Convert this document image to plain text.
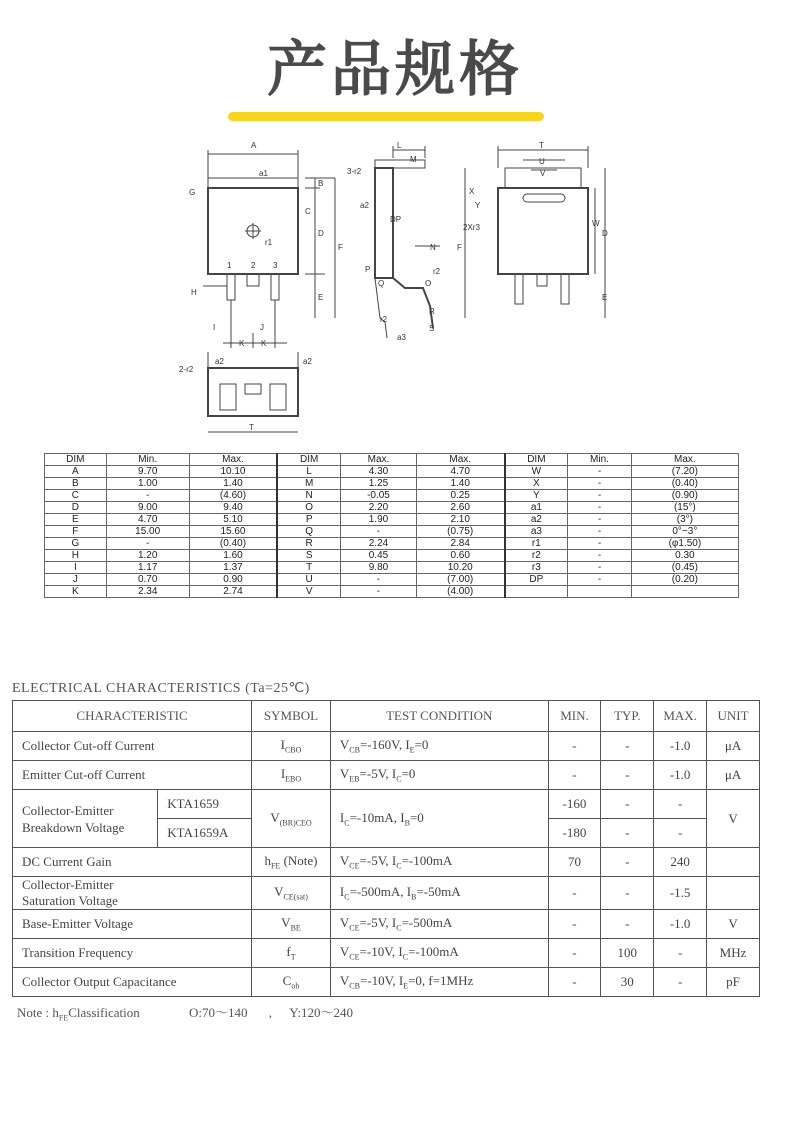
产品规格
A
a1
G
B
C
D
r1
F
1 2 3
H
E
I	J
K K
L
M
3-r2
a2
DP
N
P
Q	O
r2
r2
R
S
a3
T
U
V
X
Y
W
D
2Xr3
F
E
2-r2
a2	a2
T
DIM	Min.	Max.	DIM	Max.	Max.	DIM	Min.	Max.
A	9.70	10.10	L	4.30	4.70	W	-	(7.20)
B	1.00	1.40	M	1.25	1.40	X	-	(0.40)
C	-	(4.60)	N	-0.05	0.25	Y	-	(0.90)
D	9.00	9.40	O	2.20	2.60	a1	-	(15°)
E	4.70	5.10	P	1.90	2.10	a2	-	(3°)
F	15.00	15.60	Q	-	(0.75)	a3	-	0°~3°
G	-	(0.40)	R	2.24	2.84	r1	-	(φ1.50)
H	1.20	1.60	S	0.45	0.60	r2	-	0.30
I	1.17	1.37	T	9.80	10.20	r3	-	(0.45)
J	0.70	0.90	U	-	(7.00)	DP	-	(0.20)
K	2.34	2.74	V	-	(4.00)			
ELECTRICAL CHARACTERISTICS (Ta=25℃)
CHARACTERISTIC		SYMBOL	TEST CONDITION	MIN.	TYP.	MAX.	UNIT
Collector Cut-off Current		$I_{CBO}$	$V_{CB}=-160V$, $I_E=0$	-	-	-1.0	μA
Emitter Cut-off Current		$I_{EBO}$	$V_{EB}=-5V$, $I_C=0$	-	-	-1.0	μA
Collector-Emitter
Breakdown Voltage	KTA1659	$V_{(BR)CEO}$	$I_C=-10mA$, $I_B=0$	-160	-	-	V
	KTA1659A			-180	-	-	
DC Current Gain		$h_{FE}$ (Note)	$V_{CE}=-5V$, $I_C=-100mA$	70	-	240	
Collector-Emitter
Saturation Voltage		$V_{CE(sat)}$	$I_C=-500mA$, $I_B=-50mA$	-	-	-1.5	
Base-Emitter Voltage		$V_{BE}$	$V_{CE}=-5V$, $I_C=-500mA$	-	-	-1.0	V
Transition Frequency		$f_T$	$V_{CE}=-10V$, $I_C=-100mA$	-	100	-	MHz
Collector Output Capacitance		$C_{ob}$	$V_{CB}=-10V$, $I_E=0$, f=1MHz	-	30	-	pF
Note : $h_{FE}Classification$	O:70～140 , Y:120～240
